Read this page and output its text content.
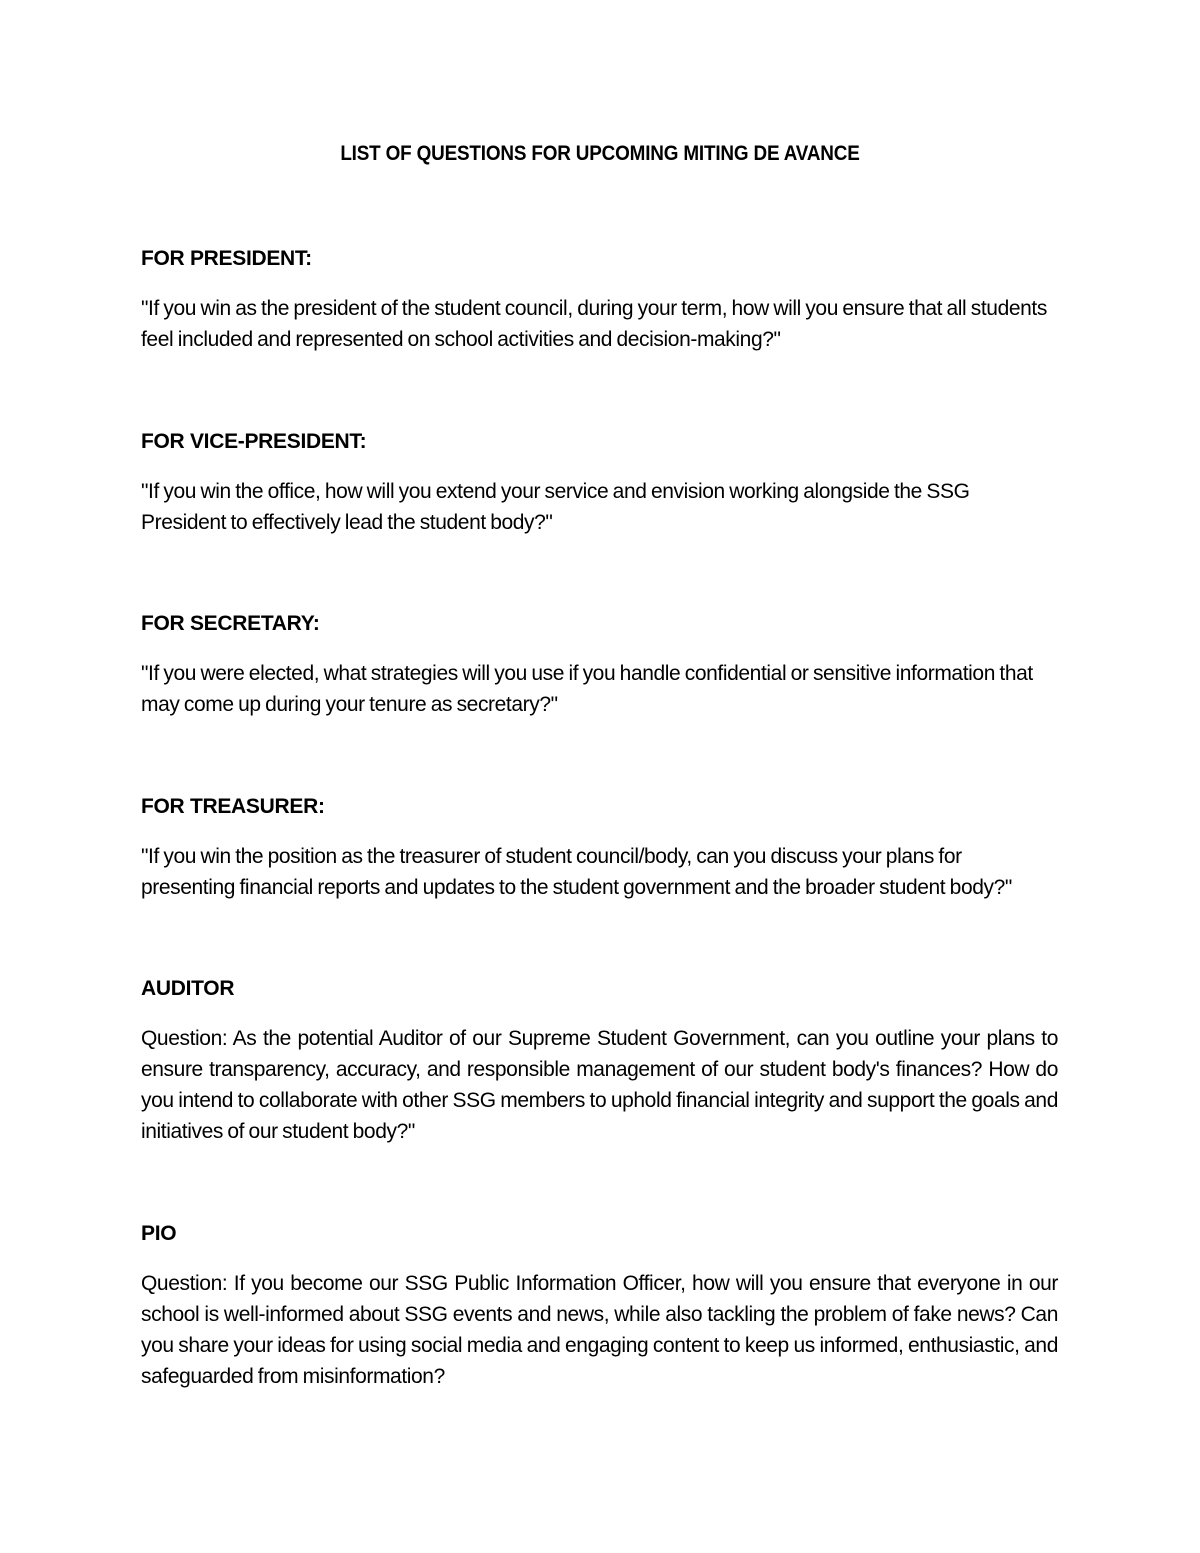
LIST OF QUESTIONS FOR UPCOMING MITING DE AVANCE

FOR PRESIDENT:

"If you win as the president of the student council, during your term, how will you ensure that all students feel included and represented on school activities and decision-making?"

FOR VICE-PRESIDENT:

"If you win the office, how will you extend your service and envision working alongside the SSG President to effectively lead the student body?"

FOR SECRETARY:

"If you were elected, what strategies will you use if you handle confidential or sensitive information that may come up during your tenure as secretary?"

FOR TREASURER:

"If you win the position as the treasurer of student council/body, can you discuss your plans for presenting financial reports and updates to the student government and the broader student body?"

AUDITOR

Question: As the potential Auditor of our Supreme Student Government, can you outline your plans to ensure transparency, accuracy, and responsible management of our student body's finances? How do you intend to collaborate with other SSG members to uphold financial integrity and support the goals and initiatives of our student body?"

PIO

Question: If you become our SSG Public Information Officer, how will you ensure that everyone in our school is well-informed about SSG events and news, while also tackling the problem of fake news? Can you share your ideas for using social media and engaging content to keep us informed, enthusiastic, and safeguarded from misinformation?
